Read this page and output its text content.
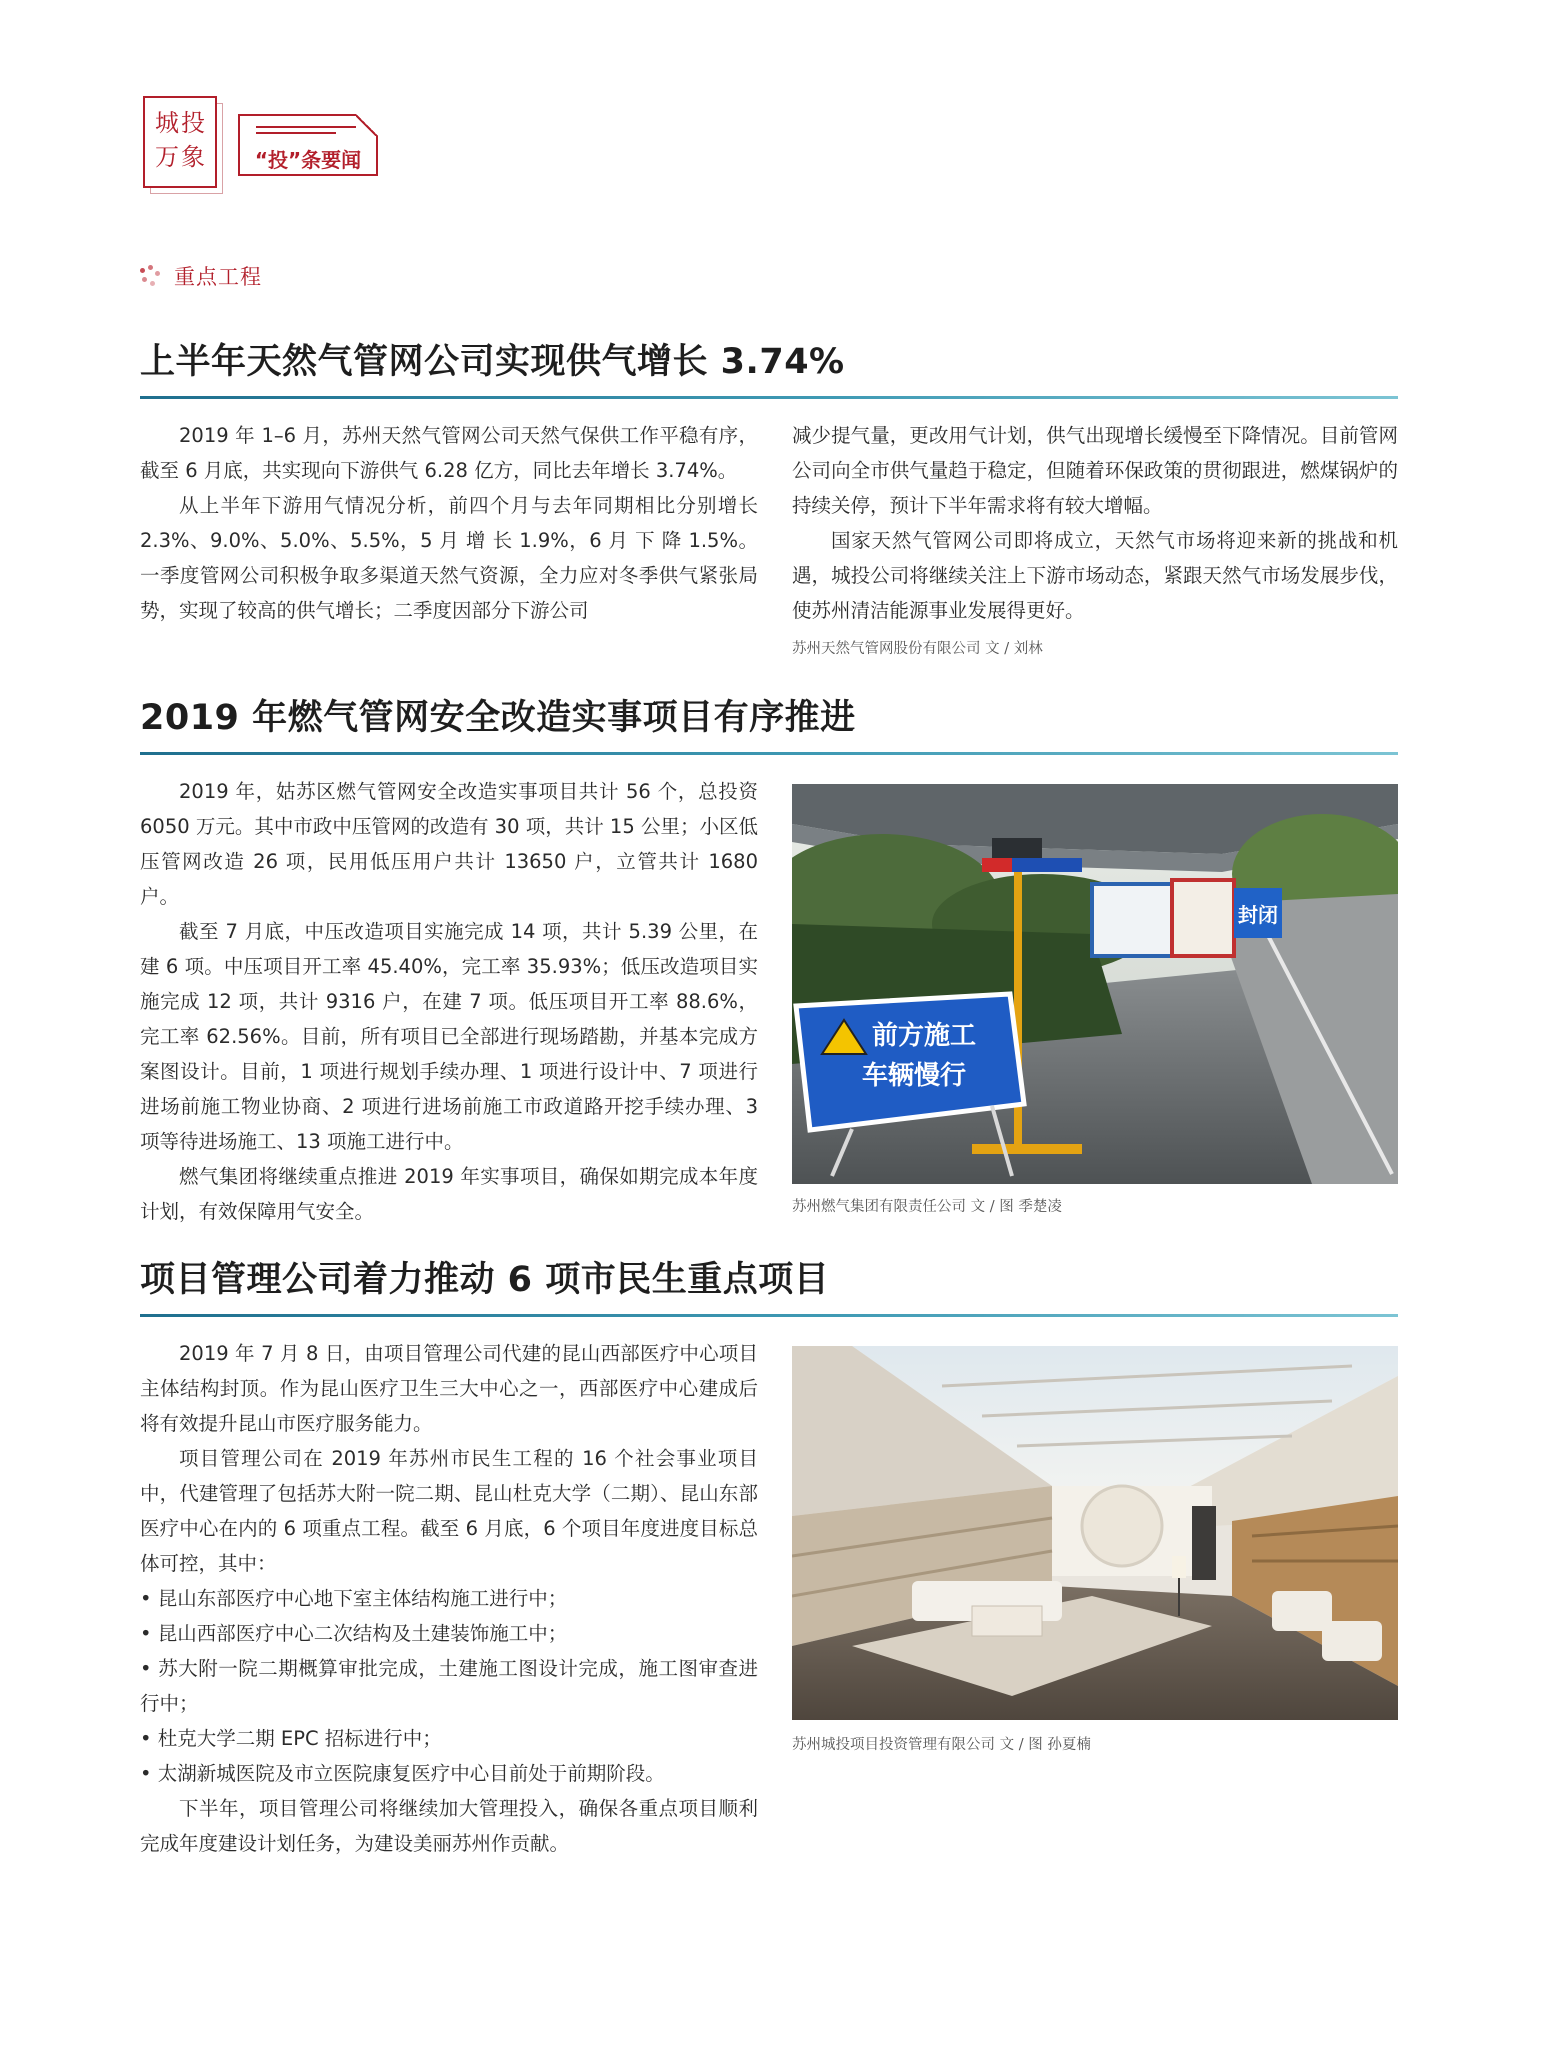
城投万象	“投”条要闻
重点工程
上半年天然气管网公司实现供气增长 3.74%

2019 年 1–6 月，苏州天然气管网公司天然气保供工作平稳有序，截至 6 月底，共实现向下游供气 6.28 亿方，同比去年增长 3.74%。

从上半年下游用气情况分析，前四个月与去年同期相比分别增长 2.3%、9.0%、5.0%、5.5%，5 月 增 长 1.9%，6 月 下 降 1.5%。一季度管网公司积极争取多渠道天然气资源，全力应对冬季供气紧张局势，实现了较高的供气增长；二季度因部分下游公司

减少提气量，更改用气计划，供气出现增长缓慢至下降情况。目前管网公司向全市供气量趋于稳定，但随着环保政策的贯彻跟进，燃煤锅炉的持续关停，预计下半年需求将有较大增幅。

国家天然气管网公司即将成立，天然气市场将迎来新的挑战和机遇，城投公司将继续关注上下游市场动态，紧跟天然气市场发展步伐，使苏州清洁能源事业发展得更好。

苏州天然气管网股份有限公司 文 / 刘林
2019 年燃气管网安全改造实事项目有序推进

2019 年，姑苏区燃气管网安全改造实事项目共计 56 个，总投资 6050 万元。其中市政中压管网的改造有 30 项，共计 15 公里；小区低压管网改造 26 项，民用低压用户共计 13650 户，立管共计 1680 户。

截至 7 月底，中压改造项目实施完成 14 项，共计 5.39 公里，在建 6 项。中压项目开工率 45.40%，完工率 35.93%；低压改造项目实施完成 12 项，共计 9316 户，在建 7 项。低压项目开工率 88.6%，完工率 62.56%。目前，所有项目已全部进行现场踏勘，并基本完成方案图设计。目前，1 项进行规划手续办理、1 项进行设计中、7 项进行进场前施工物业协商、2 项进行进场前施工市政道路开挖手续办理、3 项等待进场施工、13 项施工进行中。

燃气集团将继续重点推进 2019 年实事项目，确保如期完成本年度计划，有效保障用气安全。

封闭
前方施工
车辆慢行
苏州燃气集团有限责任公司 文 / 图 季楚凌
项目管理公司着力推动 6 项市民生重点项目

2019 年 7 月 8 日，由项目管理公司代建的昆山西部医疗中心项目主体结构封顶。作为昆山医疗卫生三大中心之一，西部医疗中心建成后将有效提升昆山市医疗服务能力。

项目管理公司在 2019 年苏州市民生工程的 16 个社会事业项目中，代建管理了包括苏大附一院二期、昆山杜克大学（二期）、昆山东部医疗中心在内的 6 项重点工程。截至 6 月底，6 个项目年度进度目标总体可控，其中：

• 昆山东部医疗中心地下室主体结构施工进行中；

• 昆山西部医疗中心二次结构及土建装饰施工中；

• 苏大附一院二期概算审批完成，土建施工图设计完成，施工图审查进行中；

• 杜克大学二期 EPC 招标进行中；

• 太湖新城医院及市立医院康复医疗中心目前处于前期阶段。

下半年，项目管理公司将继续加大管理投入，确保各重点项目顺利完成年度建设计划任务，为建设美丽苏州作贡献。

苏州城投项目投资管理有限公司 文 / 图 孙夏楠
